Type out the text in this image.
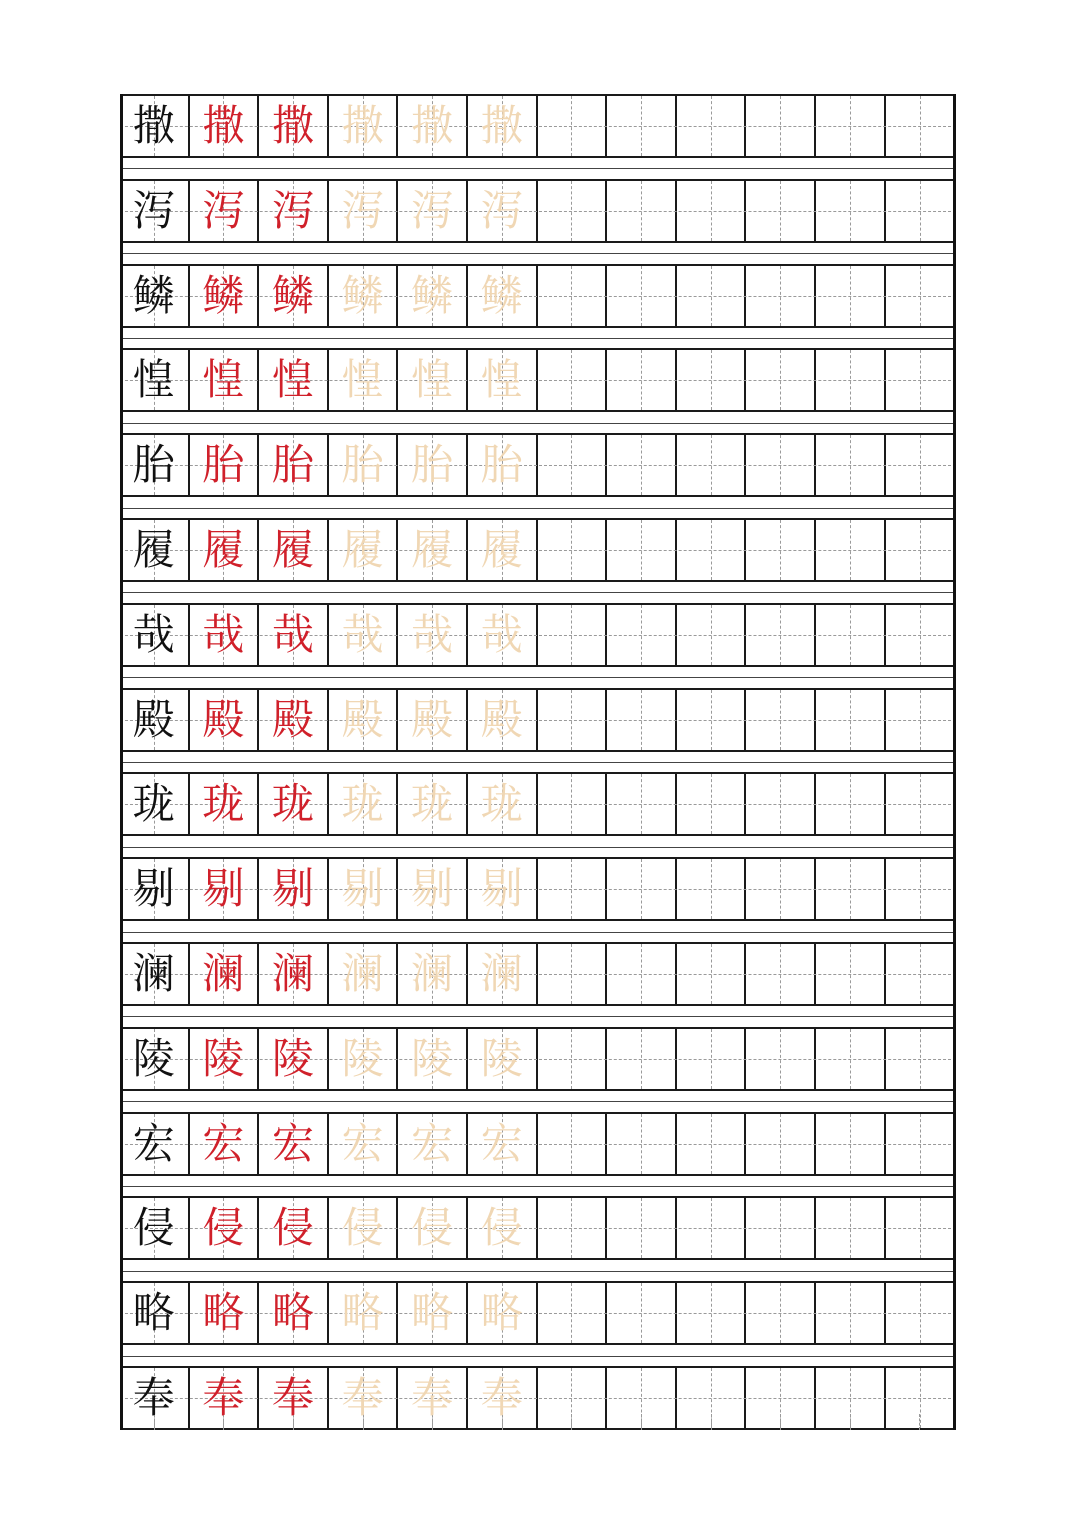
撒 撒 撒 撒 撒 撒
泻 泻 泻 泻 泻 泻
鳞 鳞 鳞 鳞 鳞 鳞
惶 惶 惶 惶 惶 惶
胎 胎 胎 胎 胎 胎
履 履 履 履 履 履
哉 哉 哉 哉 哉 哉
殿 殿 殿 殿 殿 殿
珑 珑 珑 珑 珑 珑
剔 剔 剔 剔 剔 剔
澜 澜 澜 澜 澜 澜
陵 陵 陵 陵 陵 陵
宏 宏 宏 宏 宏 宏
侵 侵 侵 侵 侵 侵
略 略 略 略 略 略
奉 奉 奉 奉 奉 奉
